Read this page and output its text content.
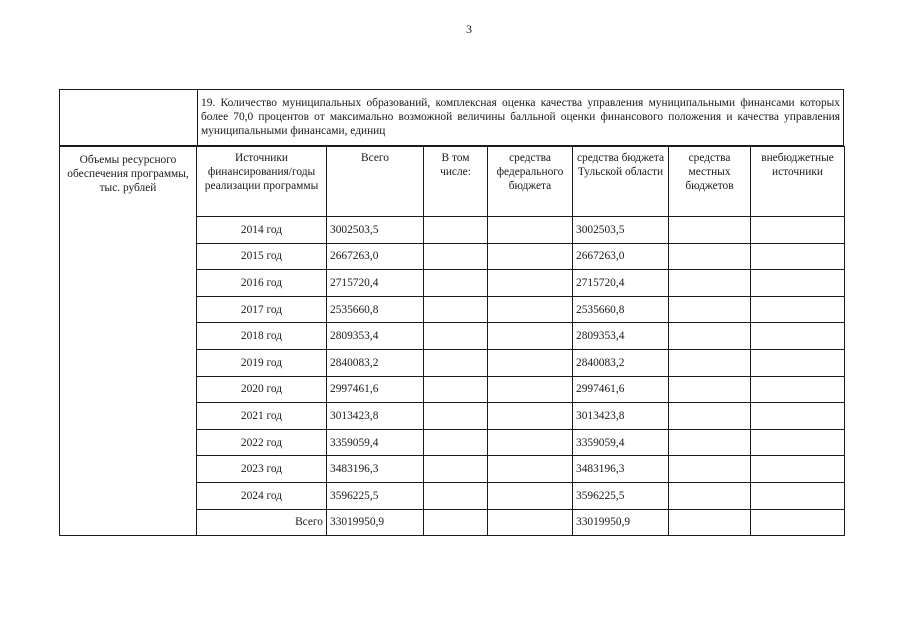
3
19. Количество муниципальных образований, комплексная оценка качества управления муниципальными финансами которых более 70,0 процентов от максимально возможной величины балльной оценки финансового положения и качества управления муниципальными финансами, единиц
Объемы ресурсного обеспечения программы, тыс. рублей	Источники финансирования/годы реализации программы	Всего	В том числе:	средства федерального бюджета	средства бюджета Тульской области	средства местных бюджетов	внебюджетные источники
	2014 год	3002503,5			3002503,5		
	2015 год	2667263,0			2667263,0		
	2016 год	2715720,4			2715720,4		
	2017 год	2535660,8			2535660,8		
	2018 год	2809353,4			2809353,4		
	2019 год	2840083,2			2840083,2		
	2020 год	2997461,6			2997461,6		
	2021 год	3013423,8			3013423,8		
	2022 год	3359059,4			3359059,4		
	2023 год	3483196,3			3483196,3		
	2024 год	3596225,5			3596225,5		
	Всего	33019950,9			33019950,9		
